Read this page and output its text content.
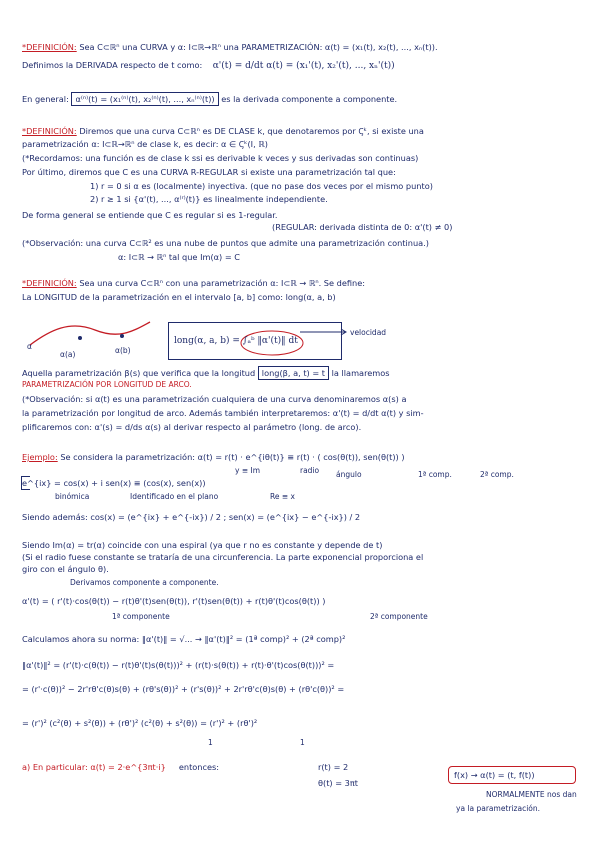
*DEFINICIÓN: Sea C⊂ℝⁿ una CURVA y α: I⊂ℝ→ℝⁿ una PARAMETRIZACIÓN: α(t) = (x₁(t), x₂(t), ..., xₙ(t)).
Definimos la DERIVADA respecto de t como: α'(t) = d/dt α(t) = (x₁'(t), x₂'(t), ..., xₙ'(t))
En general: α⁽ⁿ⁾(t) = (x₁⁽ⁿ⁾(t), x₂⁽ⁿ⁾(t), ..., xₙ⁽ⁿ⁾(t)) es la derivada componente a componente.
*DEFINICIÓN: Diremos que una curva C⊂ℝⁿ es DE CLASE k, que denotaremos por Ꞔᵏ, si existe una
parametrización α: I⊂ℝ→ℝⁿ de clase k, es decir: α ∈ Ꞔᵏ(I, ℝ)
(*Recordamos: una función es de clase k ssi es derivable k veces y sus derivadas son continuas)
Por último, diremos que C es una CURVA R-REGULAR si existe una parametrización tal que:
1) r = 0 si α es (localmente) inyectiva. (que no pase dos veces por el mismo punto)
2) r ≥ 1 si {α'(t), ..., α⁽ʳ⁾(t)} es linealmente independiente.
De forma general se entiende que C es regular si es 1-regular.
(REGULAR: derivada distinta de 0: α'(t) ≠ 0)
(*Observación: una curva C⊂ℝ² es una nube de puntos que admite una parametrización continua.)
α: I⊂ℝ → ℝⁿ tal que Im(α) = C
*DEFINICIÓN: Sea una curva C⊂ℝⁿ con una parametrización α: I⊂ℝ → ℝⁿ. Se define:
La LONGITUD de la parametrización en el intervalo [a, b] como: long(α, a, b)
α
α(a)	α(b)
long(α, a, b) = ∫ₐᵇ ‖α'(t)‖ dt
velocidad
Aquella parametrización β(s) que verifica que la longitud long(β, a, t) = t la llamaremos
PARAMETRIZACIÓN POR LONGITUD DE ARCO.
(*Observación: si α(t) es una parametrización cualquiera de una curva denominaremos α(s) a
la parametrización por longitud de arco. Además también interpretaremos: α'(t) = d/dt α(t) y sim-
plificaremos con: α'(s) = d/ds α(s) al derivar respecto al parámetro (long. de arco).
Ejemplo: Se considera la parametrización: α(t) = r(t) · e^{iθ(t)} ≡ r(t) · ( cos(θ(t)), sen(θ(t)) )
radio ángulo	1ª comp.	2ª comp.
e^{ix} = cos(x) + i sen(x) ≡ (cos(x), sen(x))
binómica	Identificado en el plano
y ≡ Im
Re ≡ x
Siendo además: cos(x) = (e^{ix} + e^{-ix}) / 2 ; sen(x) = (e^{ix} − e^{-ix}) / 2
Siendo Im(α) = tr(α) coincide con una espiral (ya que r no es constante y depende de t)
(Si el radio fuese constante se trataría de una circunferencia. La parte exponencial proporciona el
giro con el ángulo θ).
Derivamos componente a componente.
α'(t) = ( r'(t)·cos(θ(t)) − r(t)θ'(t)sen(θ(t)), r'(t)sen(θ(t)) + r(t)θ'(t)cos(θ(t)) )
1ª componente	2ª componente
Calculamos ahora su norma: ‖α'(t)‖ = √... → ‖α'(t)‖² = (1ª comp)² + (2ª comp)²
‖α'(t)‖² = (r'(t)·c(θ(t)) − r(t)θ'(t)s(θ(t)))² + (r(t)·s(θ(t)) + r(t)·θ'(t)cos(θ(t)))² =
= (r'·c(θ))² − 2r'rθ'c(θ)s(θ) + (rθ's(θ))² + (r's(θ))² + 2r'rθ'c(θ)s(θ) + (rθ'c(θ))² =
= (r')² (c²(θ) + s²(θ)) + (rθ')² (c²(θ) + s²(θ)) = (r')² + (rθ')²
1	1
a) En particular: α(t) = 2·e^{3πt·i} entonces:	r(t) = 2
θ(t) = 3πt
f(x) → α(t) = (t, f(t))
NORMALMENTE nos dan
ya la parametrización.
